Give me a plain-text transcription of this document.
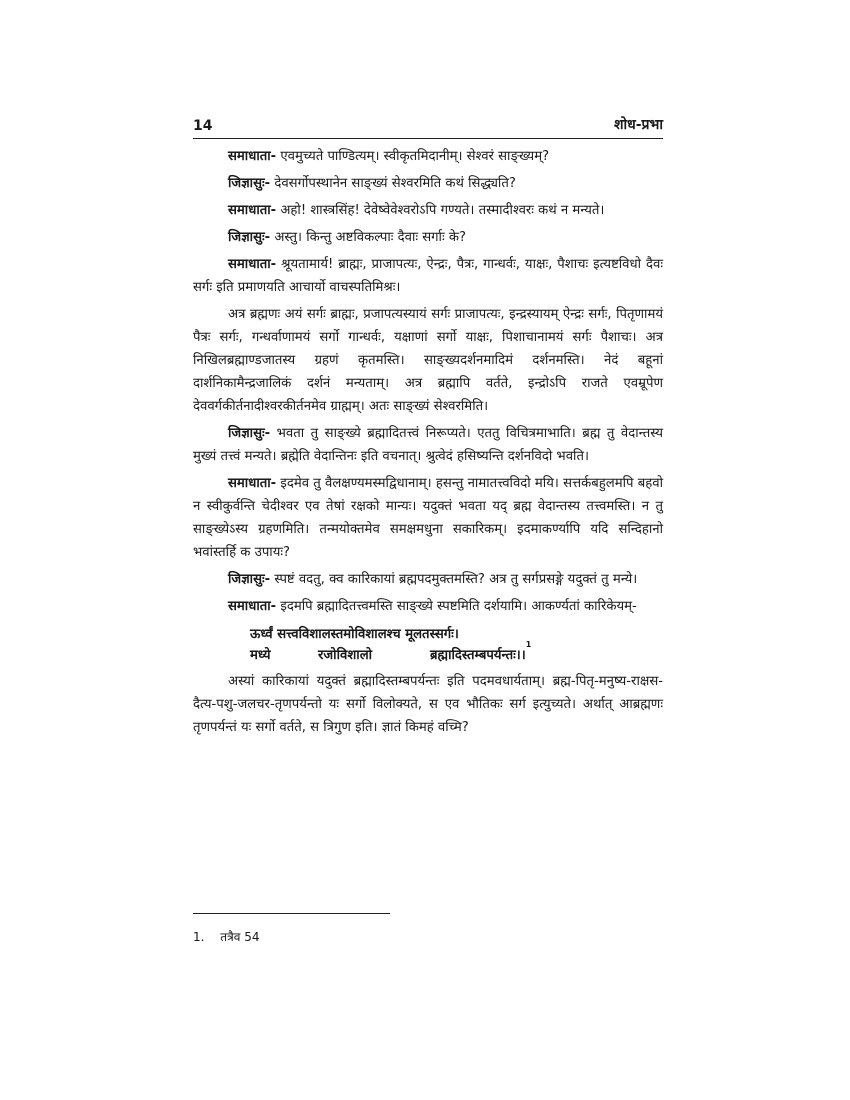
14	शोध-प्रभा

समाधाता- एवमुच्यते पाण्डित्यम्। स्वीकृतमिदानीम्। सेश्वरं साङ्ख्यम्?

जिज्ञासुः- देवसर्गोपस्थानेन साङ्ख्यं सेश्वरमिति कथं सिद्ध्यति?

समाधाता- अहो! शास्त्रसिंह! देवेष्वेवेश्वरोऽपि गण्यते। तस्मादीश्वरः कथं न मन्यते।

जिज्ञासुः- अस्तु। किन्तु अष्टविकल्पाः दैवाः सर्गाः के?

समाधाता- श्रूयतामार्य! ब्राह्मः, प्राजापत्यः, ऐन्द्रः, पैत्रः, गान्धर्वः, याक्षः, पैशाचः इत्यष्टविधो दैवः सर्गः इति प्रमाणयति आचार्यो वाचस्पतिमिश्रः।

अत्र ब्रह्मणः अयं सर्गः ब्राह्मः, प्रजापत्यस्यायं सर्गः प्राजापत्यः, इन्द्रस्यायम् ऐन्द्रः सर्गः, पितृणामयं पैत्रः सर्गः, गन्धर्वाणामयं सर्गो गान्धर्वः, यक्षाणां सर्गो याक्षः, पिशाचानामयं सर्गः पैशाचः। अत्र निखिलब्रह्माण्डजातस्य ग्रहणं कृतमस्ति। साङ्ख्यदर्शनमादिमं दर्शनमस्ति। नेदं बहूनां दार्शनिकामैन्द्रजालिकं दर्शनं मन्यताम्। अत्र ब्रह्मापि वर्तते, इन्द्रोऽपि राजते एवम्रूपेण देववर्गकीर्तनादीश्वरकीर्तनमेव ग्राह्मम्। अतः साङ्ख्यं सेश्वरमिति।

जिज्ञासुः- भवता तु साङ्ख्ये ब्रह्मादितत्त्वं निरूप्यते। एततु विचित्रमाभाति। ब्रह्म तु वेदान्तस्य मुख्यं तत्त्वं मन्यते। ब्रह्मेति वेदान्तिनः इति वचनात्। श्रुत्वेदं हसिष्यन्ति दर्शनविदो भवति।

समाधाता- इदमेव तु वैलक्षण्यमस्मद्विधानाम्। हसन्तु नामातत्त्वविदो मयि। सत्तर्कबहुलमपि बहवो न स्वीकुर्वन्ति चेदीश्वर एव तेषां रक्षको मान्यः। यदुक्तं भवता यद् ब्रह्म वेदान्तस्य तत्त्वमस्ति। न तु साङ्ख्येऽस्य ग्रहणमिति। तन्मयोक्तमेव समक्षमधुना सकारिकम्। इदमाकर्ण्यापि यदि सन्दिहानो भवांस्तर्हि क उपायः?

जिज्ञासुः- स्पष्टं वदतु, क्व कारिकायां ब्रह्मपदमुक्तमस्ति? अत्र तु सर्गप्रसङ्गे यदुक्तं तु मन्ये।

समाधाता- इदमपि ब्रह्मादितत्त्वमस्ति साङ्ख्ये स्पष्टमिति दर्शयामि। आकर्ण्यतां कारिकेयम्-

ऊर्ध्वं सत्त्वविशालस्तमोविशालश्च मूलतस्सर्गः।
मध्ये	रजोविशालो	ब्रह्मादिस्तम्बपर्यन्तः।।
1

अस्यां कारिकायां यदुक्तं ब्रह्मादिस्तम्बपर्यन्तः इति पदमवधार्यताम्। ब्रह्म-पितृ-मनुष्य-राक्षस-दैत्य-पशु-जलचर-तृणपर्यन्तो यः सर्गो विलोक्यते, स एव भौतिकः सर्ग इत्युच्यते। अर्थात् आब्रह्मणः तृणपर्यन्तं यः सर्गो वर्तते, स त्रिगुण इति। ज्ञातं किमहं वच्मि?

1. तत्रैव 54
